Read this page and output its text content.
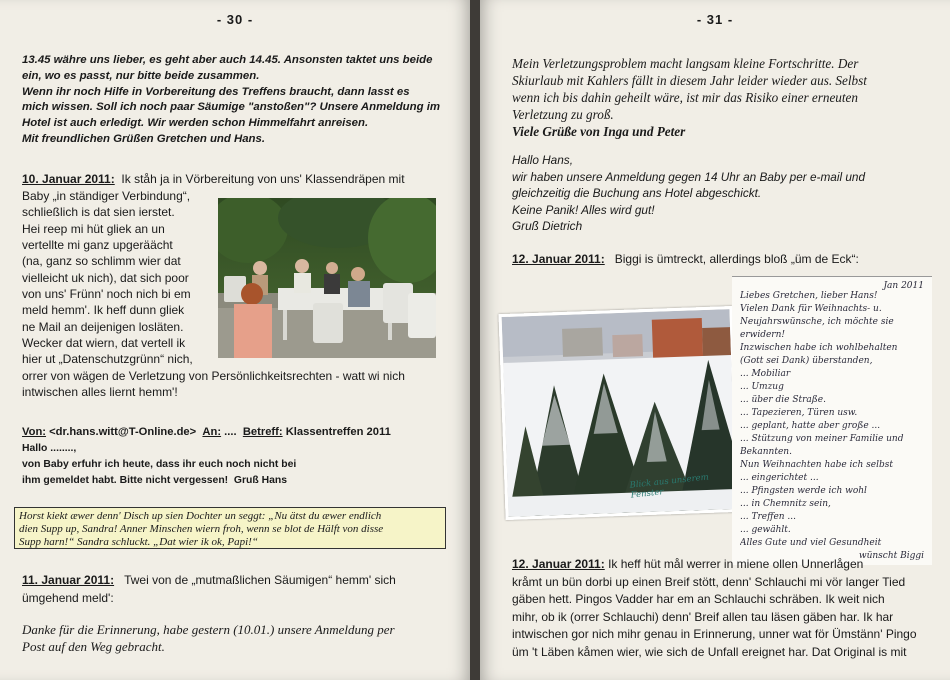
- 30 -

13.45 währe uns lieber, es geht aber auch 14.45. Ansonsten taktet uns beide

ein, wo es passt, nur bitte beide zusammen.

Wenn ihr noch Hilfe in Vorbereitung des Treffens braucht, dann lasst es

mich wissen. Soll ich noch paar Säumige "anstoßen"? Unsere Anmeldung im

Hotel ist auch erledigt. Wir werden schon Himmelfahrt anreisen.

Mit freundlichen Grüßen Gretchen und Hans.

10. Januar 2011: Ik ståh ja in Vörbereitung von uns' Klassendräpen mit

Baby „in ständiger Verbindung“,

schließlich is dat sien ierstet.

Hei reep mi hüt gliek an un

vertellte mi ganz upgeräächt

(na, ganz so schlimm wier dat

vielleicht uk nich), dat sich poor

von uns' Frünn' noch nich bi em

meld hemm'. Ik heff dunn gliek

ne Mail an deijenigen losläten.

Wecker dat wiern, dat vertell ik

hier ut „Datenschutzgrünn“ nich,

orrer von wägen de Verletzung von Persönlichkeitsrechten - watt wi nich

intwischen alles liernt hemm'!

Von: <dr.hans.witt@T-Online.de> An: .... Betreff: Klassentreffen 2011

Hallo ........,

von Baby erfuhr ich heute, dass ihr euch noch nicht bei

ihm gemeldet habt. Bitte nicht vergessen! Gruß Hans

Horst kiekt æwer denn' Disch up sien Dochter un seggt: „Nu ätst du æwer endlich

dien Supp up, Sandra! Anner Minschen wiern froh, wenn se blot de Hälft von disse

Supp harn!“ Sandra schluckt. „Dat wier ik ok, Papi!“

11. Januar 2011: Twei von de „mutmaßlichen Säumigen“ hemm' sich

ümgehend meld':

Danke für die Erinnerung, habe gestern (10.01.) unsere Anmeldung per

Post auf den Weg gebracht.

- 31 -

Mein Verletzungsproblem macht langsam kleine Fortschritte. Der

Skiurlaub mit Kahlers fällt in diesem Jahr leider wieder aus. Selbst

wenn ich bis dahin geheilt wäre, ist mir das Risiko einer erneuten

Verletzung zu groß.

Viele Grüße von Inga und Peter

Hallo Hans,

wir haben unsere Anmeldung gegen 14 Uhr an Baby per e-mail und

gleichzeitig die Buchung ans Hotel abgeschickt.

Keine Panik! Alles wird gut!

Gruß Dietrich

12. Januar 2011: Biggi is ümtreckt, allerdings bloß „üm de Eck“:
Blick aus unserem Fenster
Jan 2011
Liebes Gretchen, lieber Hans!
Vielen Dank für Weihnachts- u.
Neujahrswünsche, ich möchte sie
erwidern!
Inzwischen habe ich wohlbehalten
(Gott sei Dank) überstanden,
... Mobiliar
... Umzug
... über die Straße.
... Tapezieren, Türen usw.
... geplant, hatte aber große ...
... Stützung von meiner Familie und
Bekannten.
Nun Weihnachten habe ich selbst
... eingerichtet ...
... Pfingsten werde ich wohl
... in Chemnitz sein,
... Treffen ...
... gewählt.
Alles Gute und viel Gesundheit
wünscht Biggi

12. Januar 2011: Ik heff hüt mål werrer in miene ollen Unnerlågen

kråmt un bün dorbi up einen Breif stött, denn' Schlauchi mi vör langer Tied

gäben hett. Pingos Vadder har em an Schlauchi schräben. Ik weit nich

mihr, ob ik (orrer Schlauchi) denn' Breif allen tau läsen gäben har. Ik har

intwischen gor nich mihr genau in Erinnerung, unner wat för Ümstänn' Pingo

üm 't Läben kåmen wier, wie sich de Unfall ereignet har. Dat Original is mit
